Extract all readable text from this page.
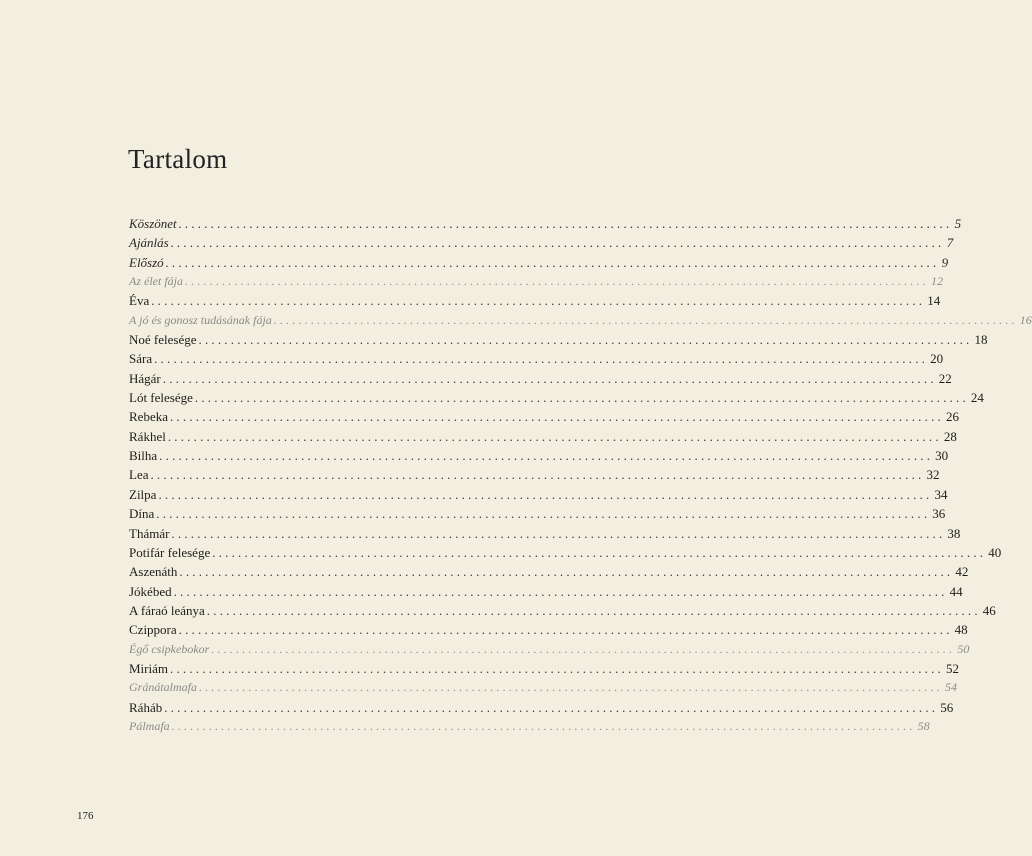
Tartalom
Köszönet ........................................................................................................................ 5
Ajánlás ........................................................................................................................ 7
Előszó ........................................................................................................................ 9
Az élet fája ........................................................................................................................ 12
Éva ........................................................................................................................ 14
A jó és gonosz tudásának fája ........................................................................................................................ 16
Noé felesége ........................................................................................................................ 18
Sára ........................................................................................................................ 20
Hágár ........................................................................................................................ 22
Lót felesége ........................................................................................................................ 24
Rebeka ........................................................................................................................ 26
Rákhel ........................................................................................................................ 28
Bilha ........................................................................................................................ 30
Lea ........................................................................................................................ 32
Zilpa ........................................................................................................................ 34
Dína ........................................................................................................................ 36
Thámár ........................................................................................................................ 38
Potifár felesége ........................................................................................................................ 40
Aszenáth ........................................................................................................................ 42
Jókébed ........................................................................................................................ 44
A fáraó leánya ........................................................................................................................ 46
Czippora ........................................................................................................................ 48
Égő csipkebokor ........................................................................................................................ 50
Miriám ........................................................................................................................ 52
Gránátalmafa ........................................................................................................................ 54
Ráháb ........................................................................................................................ 56
Pálmafa ........................................................................................................................ 58
176
